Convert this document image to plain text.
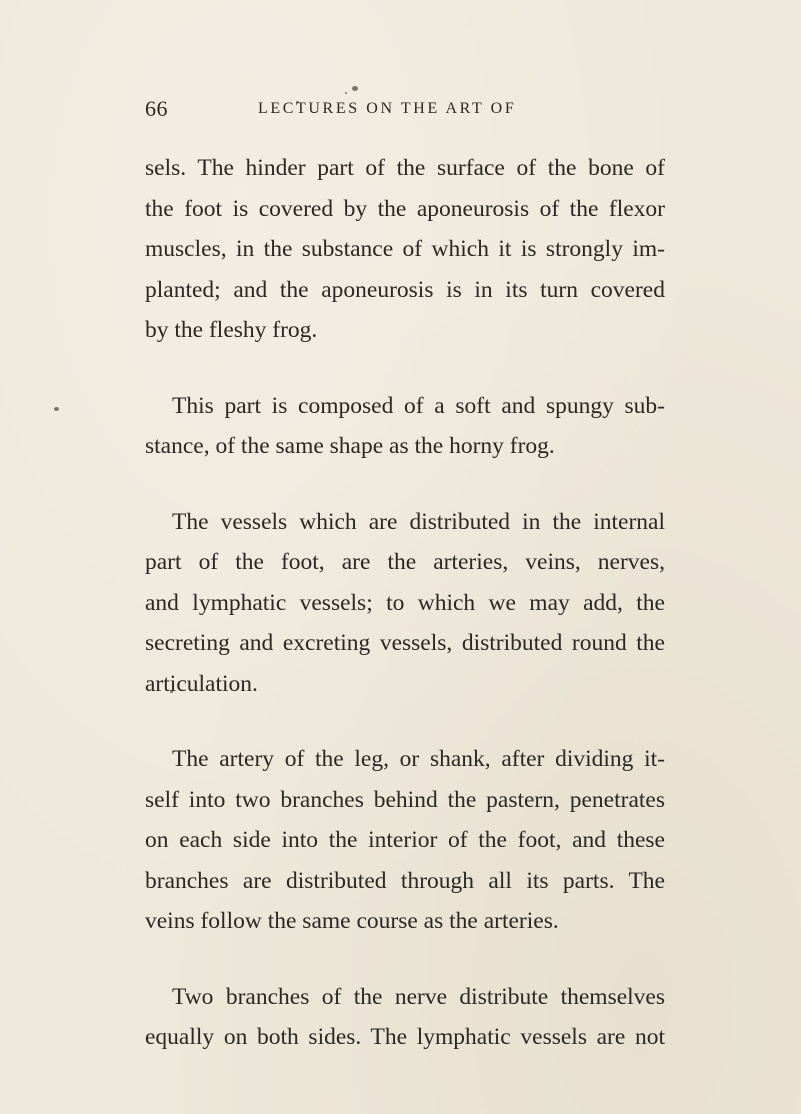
66	LECTURES ON THE ART OF

sels. The hinder part of the surface of the bone of
the foot is covered by the aponeurosis of the flexor
muscles, in the substance of which it is strongly im-
planted; and the aponeurosis is in its turn covered
by the fleshy frog.

This part is composed of a soft and spungy sub-
stance, of the same shape as the horny frog.

The vessels which are distributed in the internal
part of the foot, are the arteries, veins, nerves,
and lymphatic vessels; to which we may add, the
secreting and excreting vessels, distributed round the
articulation.

The artery of the leg, or shank, after dividing it-
self into two branches behind the pastern, penetrates
on each side into the interior of the foot, and these
branches are distributed through all its parts. The
veins follow the same course as the arteries.

Two branches of the nerve distribute themselves
equally on both sides. The lymphatic vessels are not
